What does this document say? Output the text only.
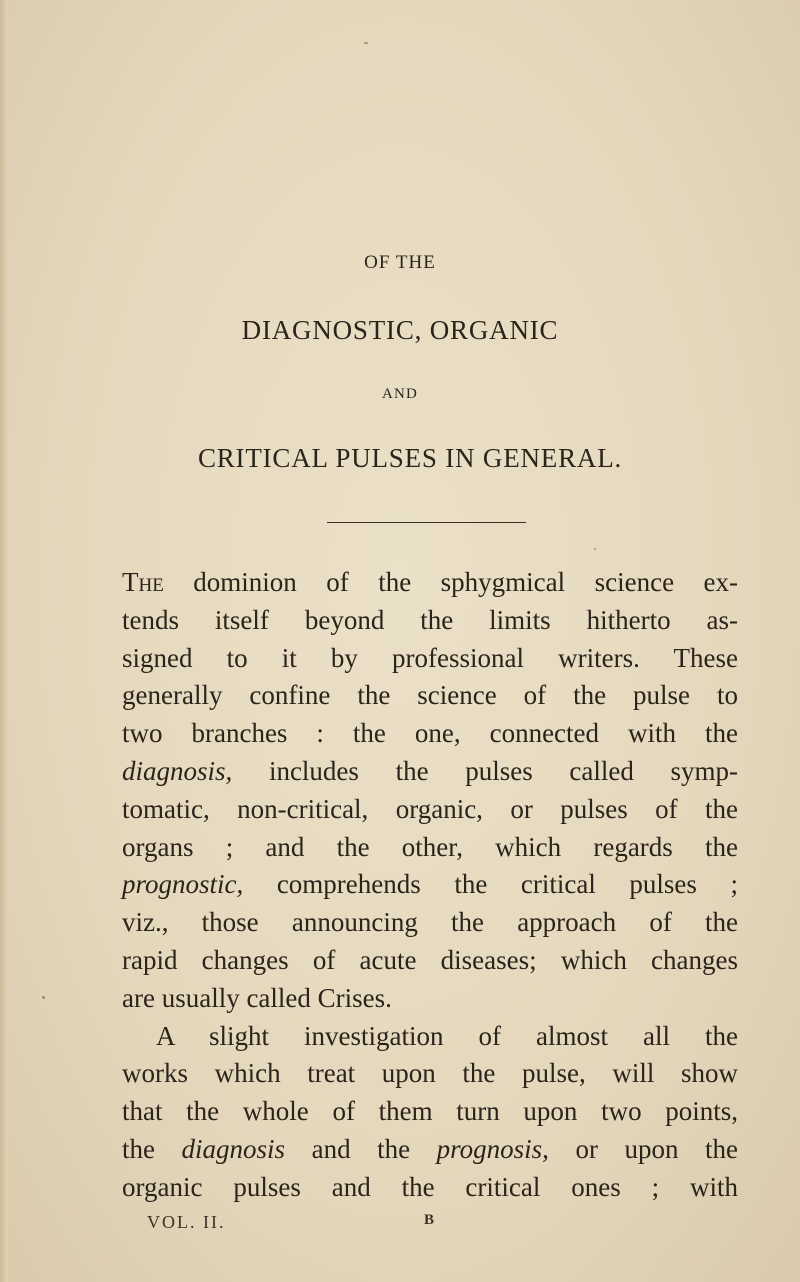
OF THE
DIAGNOSTIC, ORGANIC
AND
CRITICAL PULSES IN GENERAL.
The dominion of the sphygmical science ex-
tends itself beyond the limits hitherto as-
signed to it by professional writers. These
generally confine the science of the pulse to
two branches : the one, connected with the
diagnosis, includes the pulses called symp-
tomatic, non-critical, organic, or pulses of the
organs ; and the other, which regards the
prognostic, comprehends the critical pulses ;
viz., those announcing the approach of the
rapid changes of acute diseases; which changes
are usually called Crises.
A slight investigation of almost all the
works which treat upon the pulse, will show
that the whole of them turn upon two points,
the diagnosis and the prognosis, or upon the
organic pulses and the critical ones ; with
VOL. II.	B
